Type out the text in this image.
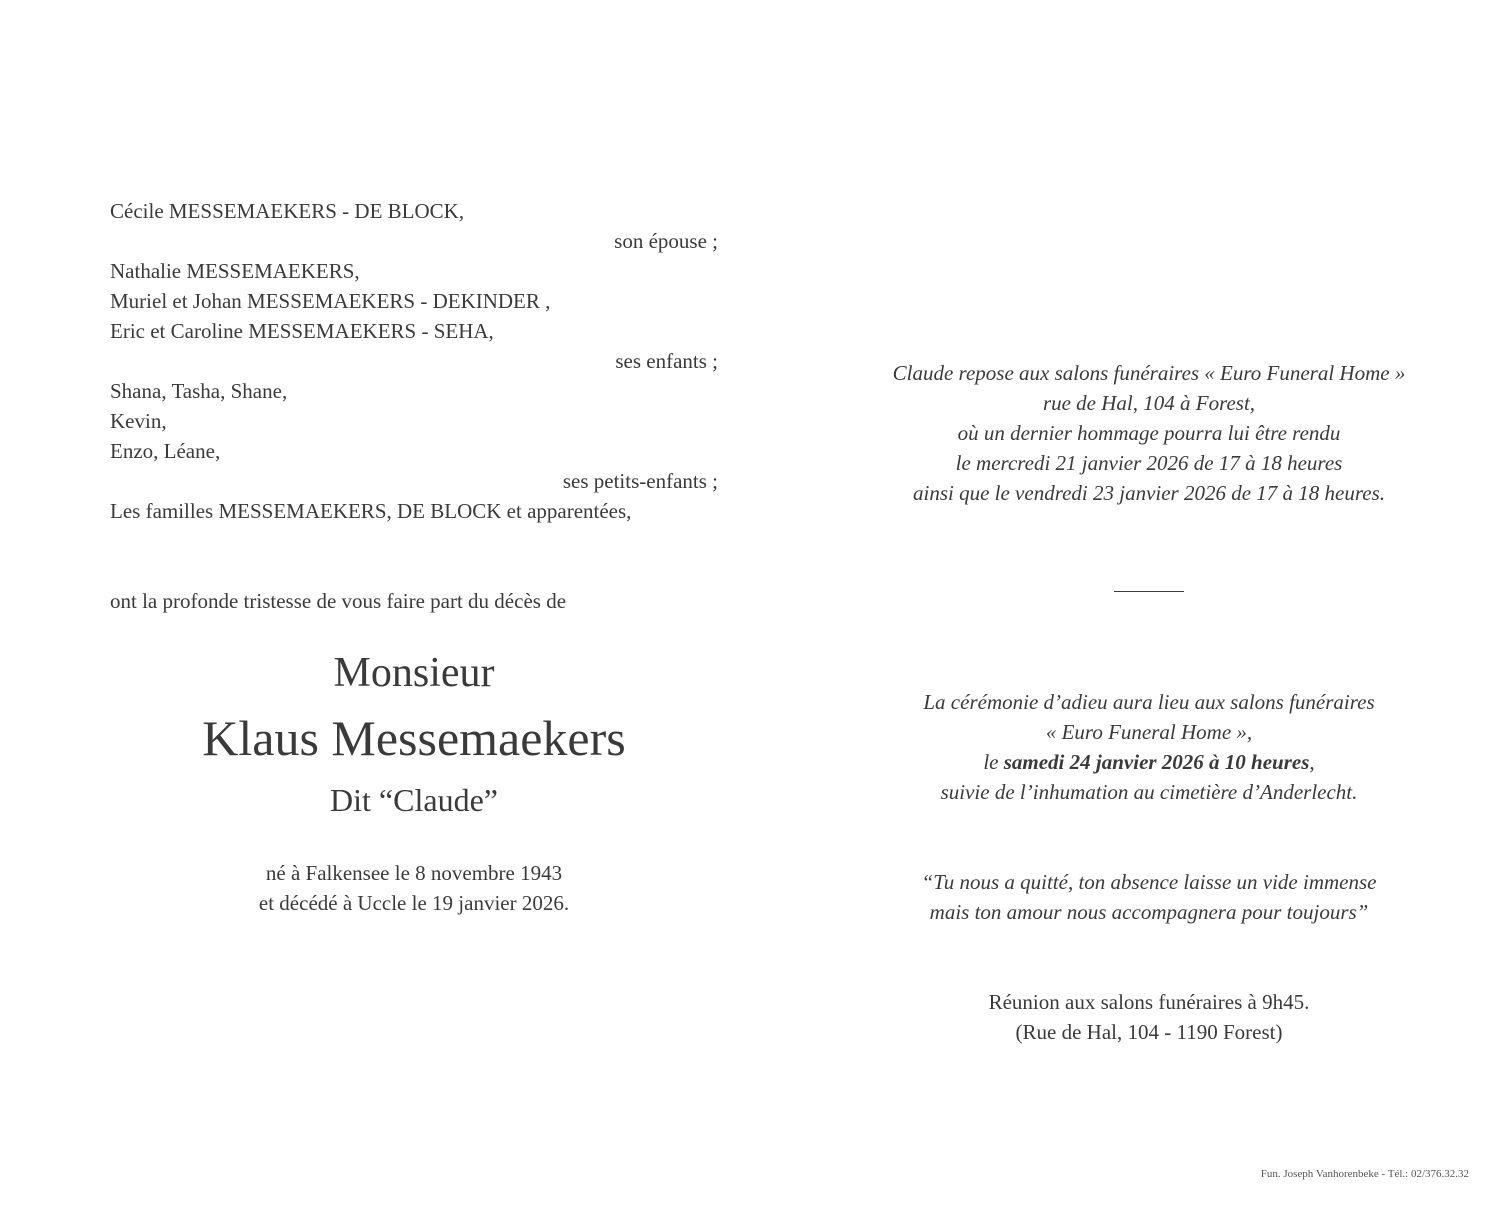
Cécile MESSEMAEKERS - DE BLOCK,
son épouse ;
Nathalie MESSEMAEKERS,
Muriel et Johan MESSEMAEKERS - DEKINDER ,
Eric et Caroline MESSEMAEKERS - SEHA,
ses enfants ;
Shana, Tasha, Shane,
Kevin,
Enzo, Léane,
ses petits-enfants ;
Les familles MESSEMAEKERS, DE BLOCK et apparentées,
ont la profonde tristesse de vous faire part du décès de
Monsieur
Klaus Messemaekers
Dit “Claude”
né à Falkensee le 8 novembre 1943
et décédé à Uccle le 19 janvier 2026.
Claude repose aux salons funéraires « Euro Funeral Home »
rue de Hal, 104 à Forest,
où un dernier hommage pourra lui être rendu
le mercredi 21 janvier 2026 de 17 à 18 heures
ainsi que le vendredi 23 janvier 2026 de 17 à 18 heures.
La cérémonie d’adieu aura lieu aux salons funéraires
« Euro Funeral Home »,
le samedi 24 janvier 2026 à 10 heures,
suivie de l’inhumation au cimetière d’Anderlecht.
“Tu nous a quitté, ton absence laisse un vide immense
mais ton amour nous accompagnera pour toujours”
Réunion aux salons funéraires à 9h45.
(Rue de Hal, 104 - 1190 Forest)
Fun. Joseph Vanhorenbeke - Tél.: 02/376.32.32
